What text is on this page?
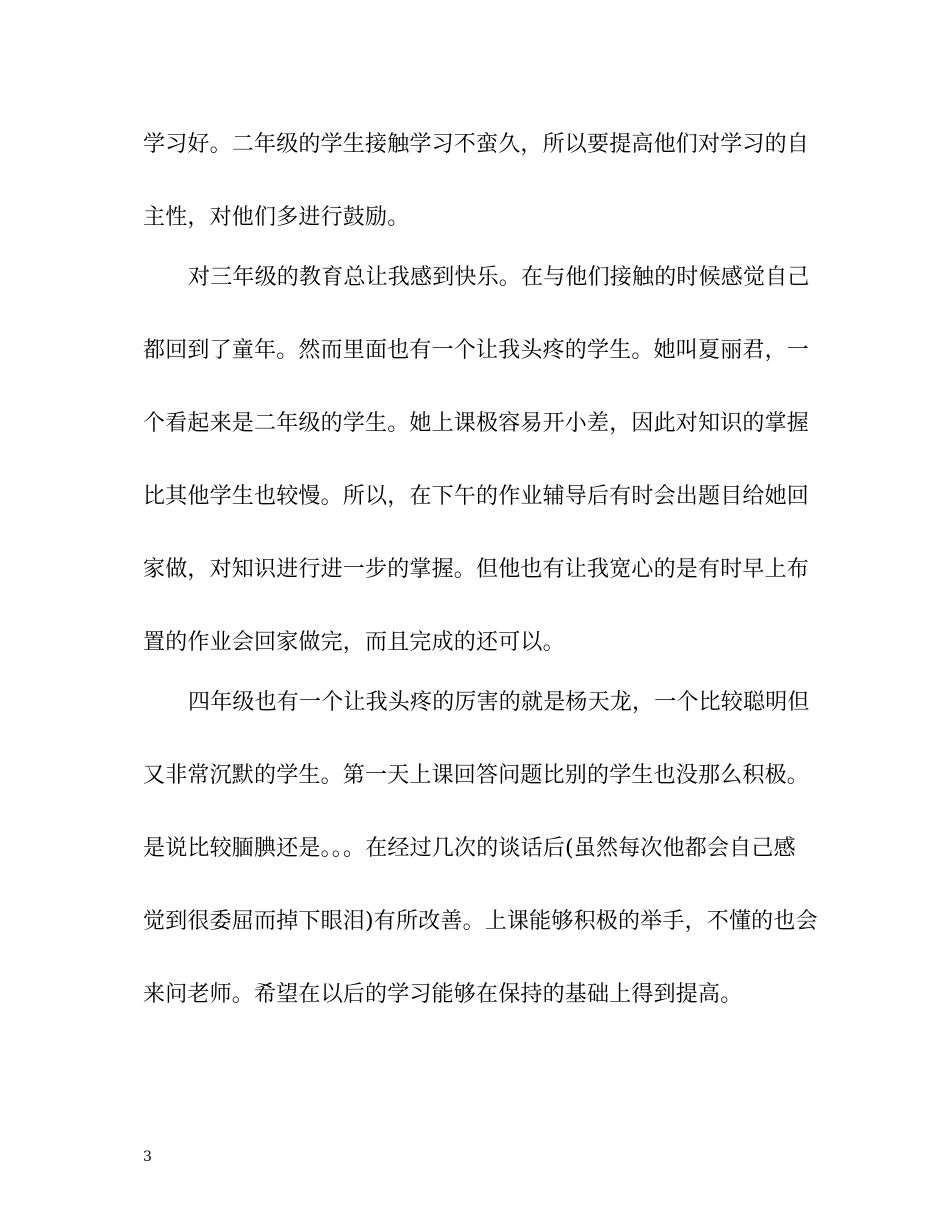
学习好。二年级的学生接触学习不蛮久，所以要提高他们对学习的自
主性，对他们多进行鼓励。
对三年级的教育总让我感到快乐。在与他们接触的时候感觉自己
都回到了童年。然而里面也有一个让我头疼的学生。她叫夏丽君，一
个看起来是二年级的学生。她上课极容易开小差，因此对知识的掌握
比其他学生也较慢。所以，在下午的作业辅导后有时会出题目给她回
家做，对知识进行进一步的掌握。但他也有让我宽心的是有时早上布
置的作业会回家做完，而且完成的还可以。
四年级也有一个让我头疼的厉害的就是杨天龙，一个比较聪明但
又非常沉默的学生。第一天上课回答问题比别的学生也没那么积极。
是说比较腼腆还是。。。在经过几次的谈话后(虽然每次他都会自己感
觉到很委屈而掉下眼泪)有所改善。上课能够积极的举手，不懂的也会
来问老师。希望在以后的学习能够在保持的基础上得到提高。
3
